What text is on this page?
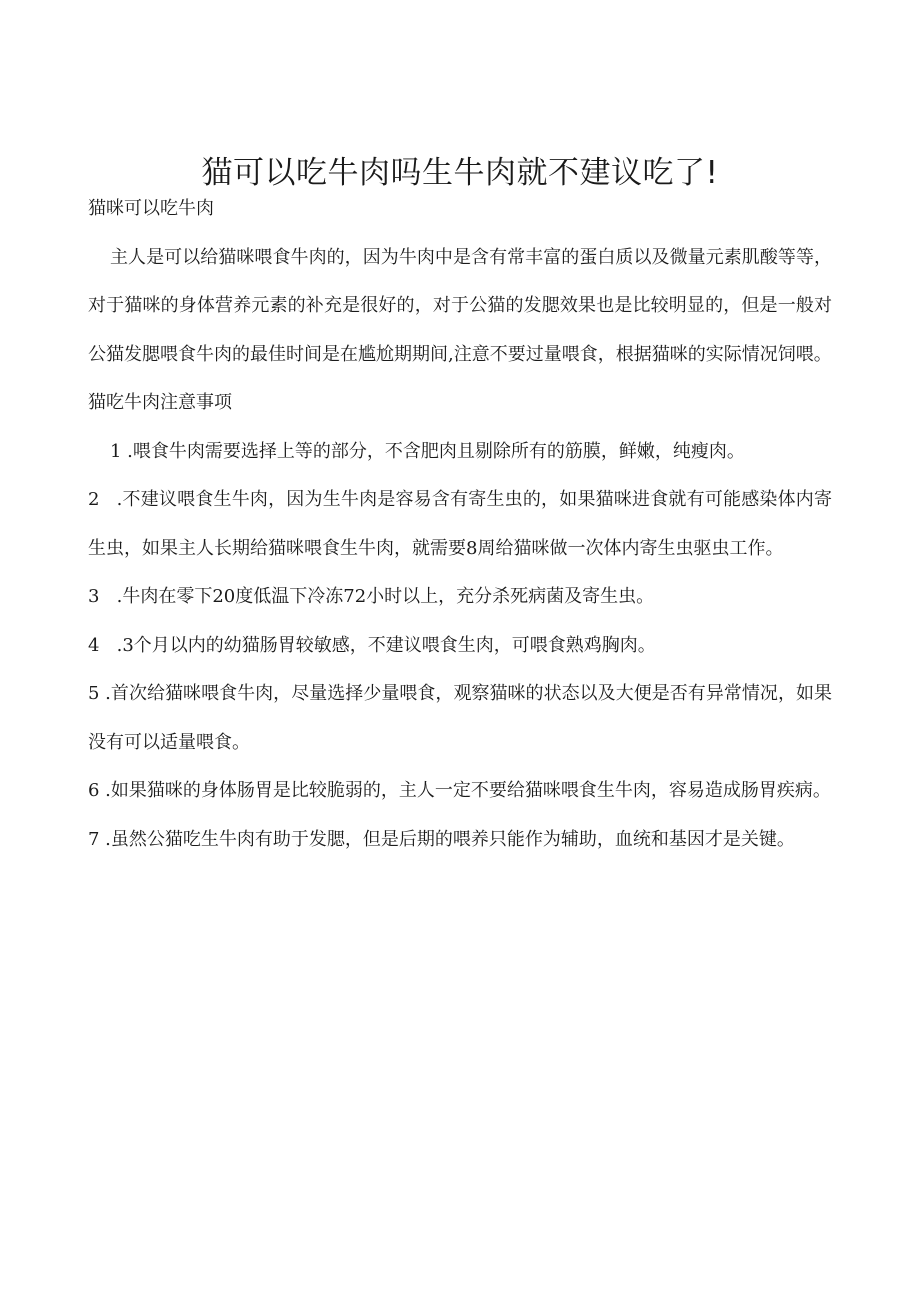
猫可以吃牛肉吗生牛肉就不建议吃了!

猫咪可以吃牛肉

主人是可以给猫咪喂食牛肉的，因为牛肉中是含有常丰富的蛋白质以及微量元素肌酸等等，对于猫咪的身体营养元素的补充是很好的，对于公猫的发腮效果也是比较明显的，但是一般对公猫发腮喂食牛肉的最佳时间是在尴尬期期间,注意不要过量喂食，根据猫咪的实际情况饲喂。

猫吃牛肉注意事项

1 .喂食牛肉需要选择上等的部分，不含肥肉且剔除所有的筋膜，鲜嫩，纯瘦肉。

2   .不建议喂食生牛肉，因为生牛肉是容易含有寄生虫的，如果猫咪进食就有可能感染体内寄生虫，如果主人长期给猫咪喂食生牛肉，就需要8周给猫咪做一次体内寄生虫驱虫工作。

3   .牛肉在零下20度低温下冷冻72小时以上，充分杀死病菌及寄生虫。

4   .3个月以内的幼猫肠胃较敏感，不建议喂食生肉，可喂食熟鸡胸肉。

5 .首次给猫咪喂食牛肉，尽量选择少量喂食，观察猫咪的状态以及大便是否有异常情况，如果没有可以适量喂食。

6 .如果猫咪的身体肠胃是比较脆弱的，主人一定不要给猫咪喂食生牛肉，容易造成肠胃疾病。

7 .虽然公猫吃生牛肉有助于发腮，但是后期的喂养只能作为辅助，血统和基因才是关键。
